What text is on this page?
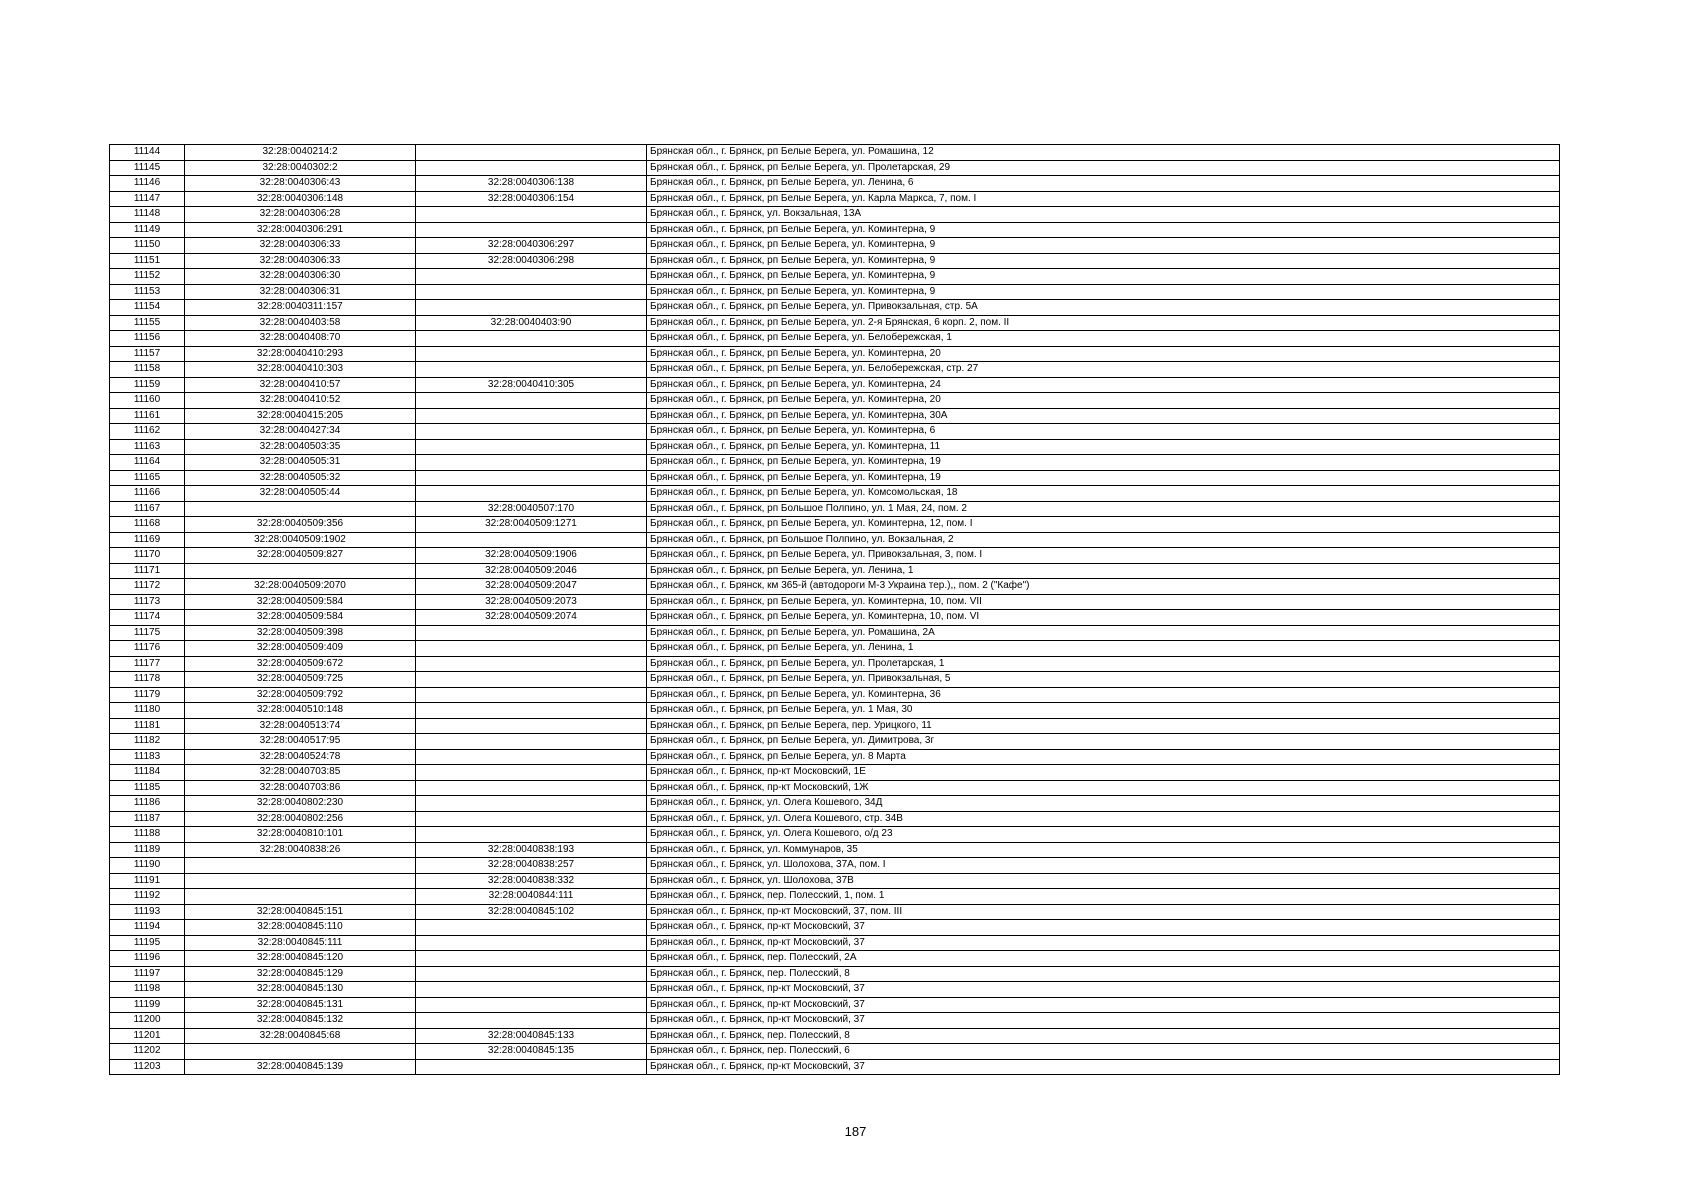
11144	32:28:0040214:2		Брянская обл., г. Брянск, рп Белые Берега, ул. Ромашина, 12
11145	32:28:0040302:2		Брянская обл., г. Брянск, рп Белые Берега, ул. Пролетарская, 29
11146	32:28:0040306:43	32:28:0040306:138	Брянская обл., г. Брянск, рп Белые Берега, ул. Ленина, 6
11147	32:28:0040306:148	32:28:0040306:154	Брянская обл., г. Брянск, рп Белые Берега, ул. Карла Маркса, 7, пом. I
11148	32:28:0040306:28		Брянская обл., г. Брянск, ул. Вокзальная, 13А
11149	32:28:0040306:291		Брянская обл., г. Брянск, рп Белые Берега, ул. Коминтерна, 9
11150	32:28:0040306:33	32:28:0040306:297	Брянская обл., г. Брянск, рп Белые Берега, ул. Коминтерна, 9
11151	32:28:0040306:33	32:28:0040306:298	Брянская обл., г. Брянск, рп Белые Берега, ул. Коминтерна, 9
11152	32:28:0040306:30		Брянская обл., г. Брянск, рп Белые Берега, ул. Коминтерна, 9
11153	32:28:0040306:31		Брянская обл., г. Брянск, рп Белые Берега, ул. Коминтерна, 9
11154	32:28:0040311:157		Брянская обл., г. Брянск, рп Белые Берега, ул. Привокзальная, стр. 5А
11155	32:28:0040403:58	32:28:0040403:90	Брянская обл., г. Брянск, рп Белые Берега, ул. 2-я Брянская, 6 корп. 2, пом. II
11156	32:28:0040408:70		Брянская обл., г. Брянск, рп Белые Берега, ул. Белобережская, 1
11157	32:28:0040410:293		Брянская обл., г. Брянск, рп Белые Берега, ул. Коминтерна, 20
11158	32:28:0040410:303		Брянская обл., г. Брянск, рп Белые Берега, ул. Белобережская, стр. 27
11159	32:28:0040410:57	32:28:0040410:305	Брянская обл., г. Брянск, рп Белые Берега, ул. Коминтерна, 24
11160	32:28:0040410:52		Брянская обл., г. Брянск, рп Белые Берега, ул. Коминтерна, 20
11161	32:28:0040415:205		Брянская обл., г. Брянск, рп Белые Берега, ул. Коминтерна, 30А
11162	32:28:0040427:34		Брянская обл., г. Брянск, рп Белые Берега, ул. Коминтерна, 6
11163	32:28:0040503:35		Брянская обл., г. Брянск, рп Белые Берега, ул. Коминтерна, 11
11164	32:28:0040505:31		Брянская обл., г. Брянск, рп Белые Берега, ул. Коминтерна, 19
11165	32:28:0040505:32		Брянская обл., г. Брянск, рп Белые Берега, ул. Коминтерна, 19
11166	32:28:0040505:44		Брянская обл., г. Брянск, рп Белые Берега, ул. Комсомольская, 18
11167		32:28:0040507:170	Брянская обл., г. Брянск, рп Большое Полпино, ул. 1 Мая, 24, пом. 2
11168	32:28:0040509:356	32:28:0040509:1271	Брянская обл., г. Брянск, рп Белые Берега, ул. Коминтерна, 12, пом. I
11169	32:28:0040509:1902		Брянская обл., г. Брянск, рп Большое Полпино, ул. Вокзальная, 2
11170	32:28:0040509:827	32:28:0040509:1906	Брянская обл., г. Брянск, рп Белые Берега, ул. Привокзальная, 3, пом. I
11171		32:28:0040509:2046	Брянская обл., г. Брянск, рп Белые Берега, ул. Ленина, 1
11172	32:28:0040509:2070	32:28:0040509:2047	Брянская обл., г. Брянск, км 365-й (автодороги М-3 Украина тер.),, пом. 2 ("Кафе")
11173	32:28:0040509:584	32:28:0040509:2073	Брянская обл., г. Брянск, рп Белые Берега, ул. Коминтерна, 10, пом. VII
11174	32:28:0040509:584	32:28:0040509:2074	Брянская обл., г. Брянск, рп Белые Берега, ул. Коминтерна, 10, пом. VI
11175	32:28:0040509:398		Брянская обл., г. Брянск, рп Белые Берега, ул. Ромашина, 2А
11176	32:28:0040509:409		Брянская обл., г. Брянск, рп Белые Берега, ул. Ленина, 1
11177	32:28:0040509:672		Брянская обл., г. Брянск, рп Белые Берега, ул. Пролетарская, 1
11178	32:28:0040509:725		Брянская обл., г. Брянск, рп Белые Берега, ул. Привокзальная, 5
11179	32:28:0040509:792		Брянская обл., г. Брянск, рп Белые Берега, ул. Коминтерна, 36
11180	32:28:0040510:148		Брянская обл., г. Брянск, рп Белые Берега, ул. 1 Мая, 30
11181	32:28:0040513:74		Брянская обл., г. Брянск, рп Белые Берега, пер. Урицкого, 11
11182	32:28:0040517:95		Брянская обл., г. Брянск, рп Белые Берега, ул. Димитрова, 3г
11183	32:28:0040524:78		Брянская обл., г. Брянск, рп Белые Берега, ул. 8 Марта
11184	32:28:0040703:85		Брянская обл., г. Брянск, пр-кт Московский, 1Е
11185	32:28:0040703:86		Брянская обл., г. Брянск, пр-кт Московский, 1Ж
11186	32:28:0040802:230		Брянская обл., г. Брянск, ул. Олега Кошевого, 34Д
11187	32:28:0040802:256		Брянская обл., г. Брянск, ул. Олега Кошевого, стр. 34В
11188	32:28:0040810:101		Брянская обл., г. Брянск, ул. Олега Кошевого, о/д 23
11189	32:28:0040838:26	32:28:0040838:193	Брянская обл., г. Брянск, ул. Коммунаров, 35
11190		32:28:0040838:257	Брянская обл., г. Брянск, ул. Шолохова, 37А, пом. I
11191		32:28:0040838:332	Брянская обл., г. Брянск, ул. Шолохова, 37В
11192		32:28:0040844:111	Брянская обл., г. Брянск, пер. Полесский, 1, пом. 1
11193	32:28:0040845:151	32:28:0040845:102	Брянская обл., г. Брянск, пр-кт Московский, 37, пом. III
11194	32:28:0040845:110		Брянская обл., г. Брянск, пр-кт Московский, 37
11195	32:28:0040845:111		Брянская обл., г. Брянск, пр-кт Московский, 37
11196	32:28:0040845:120		Брянская обл., г. Брянск, пер. Полесский, 2А
11197	32:28:0040845:129		Брянская обл., г. Брянск, пер. Полесский, 8
11198	32:28:0040845:130		Брянская обл., г. Брянск, пр-кт Московский, 37
11199	32:28:0040845:131		Брянская обл., г. Брянск, пр-кт Московский, 37
11200	32:28:0040845:132		Брянская обл., г. Брянск, пр-кт Московский, 37
11201	32:28:0040845:68	32:28:0040845:133	Брянская обл., г. Брянск, пер. Полесский, 8
11202		32:28:0040845:135	Брянская обл., г. Брянск, пер. Полесский, 6
11203	32:28:0040845:139		Брянская обл., г. Брянск, пр-кт Московский, 37
187
